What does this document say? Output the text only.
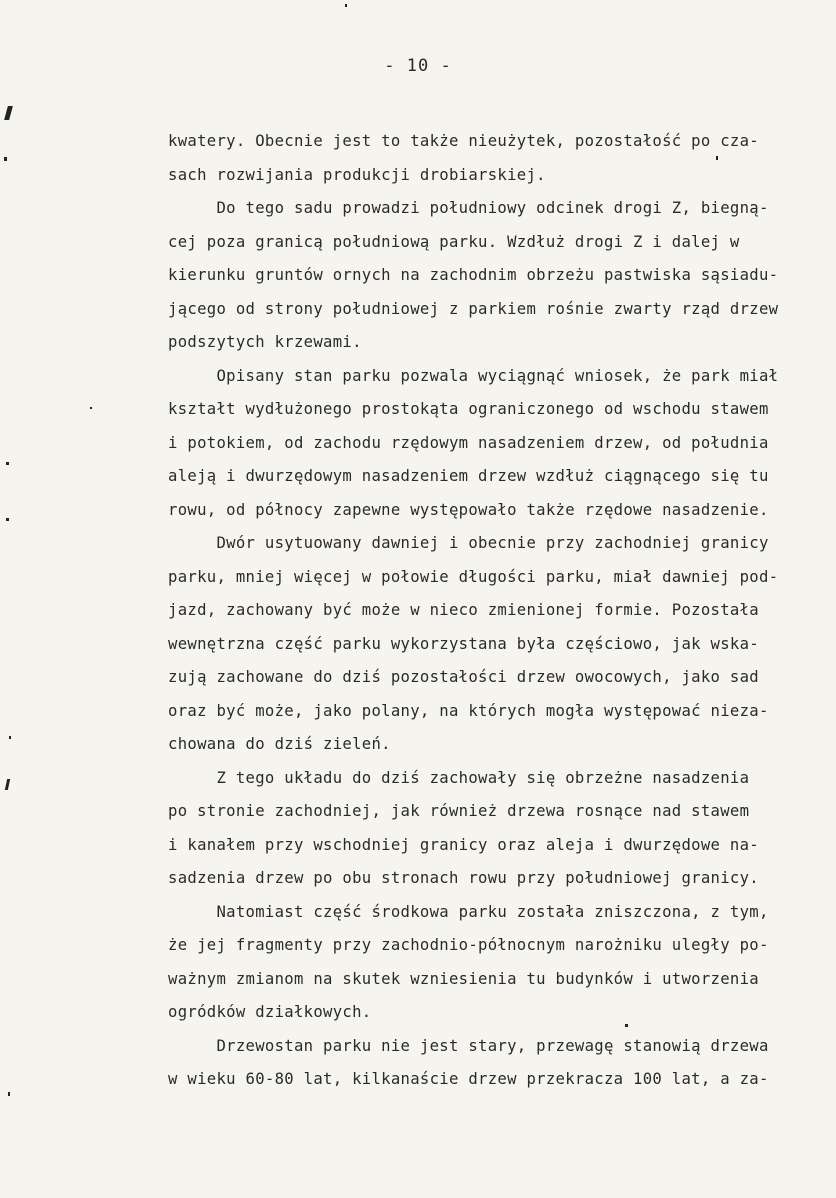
- 10 -
kwatery. Obecnie jest to także nieużytek, pozostałość po cza-
sach rozwijania produkcji drobiarskiej.
Do tego sadu prowadzi południowy odcinek drogi Z, biegną-
cej poza granicą południową parku. Wzdłuż drogi Z i dalej w
kierunku gruntów ornych na zachodnim obrzeżu pastwiska sąsiadu-
jącego od strony południowej z parkiem rośnie zwarty rząd drzew
podszytych krzewami.
Opisany stan parku pozwala wyciągnąć wniosek, że park miał
kształt wydłużonego prostokąta ograniczonego od wschodu stawem
i potokiem, od zachodu rzędowym nasadzeniem drzew, od południa
aleją i dwurzędowym nasadzeniem drzew wzdłuż ciągnącego się tu
rowu, od północy zapewne występowało także rzędowe nasadzenie.
Dwór usytuowany dawniej i obecnie przy zachodniej granicy
parku, mniej więcej w połowie długości parku, miał dawniej pod-
jazd, zachowany być może w nieco zmienionej formie. Pozostała
wewnętrzna część parku wykorzystana była częściowo, jak wska-
zują zachowane do dziś pozostałości drzew owocowych, jako sad
oraz być może, jako polany, na których mogła występować nieza-
chowana do dziś zieleń.
Z tego układu do dziś zachowały się obrzeżne nasadzenia
po stronie zachodniej, jak również drzewa rosnące nad stawem
i kanałem przy wschodniej granicy oraz aleja i dwurzędowe na-
sadzenia drzew po obu stronach rowu przy południowej granicy.
Natomiast część środkowa parku została zniszczona, z tym,
że jej fragmenty przy zachodnio-północnym narożniku uległy po-
ważnym zmianom na skutek wzniesienia tu budynków i utworzenia
ogródków działkowych.
Drzewostan parku nie jest stary, przewagę stanowią drzewa
w wieku 60-80 lat, kilkanaście drzew przekracza 100 lat, a za-
